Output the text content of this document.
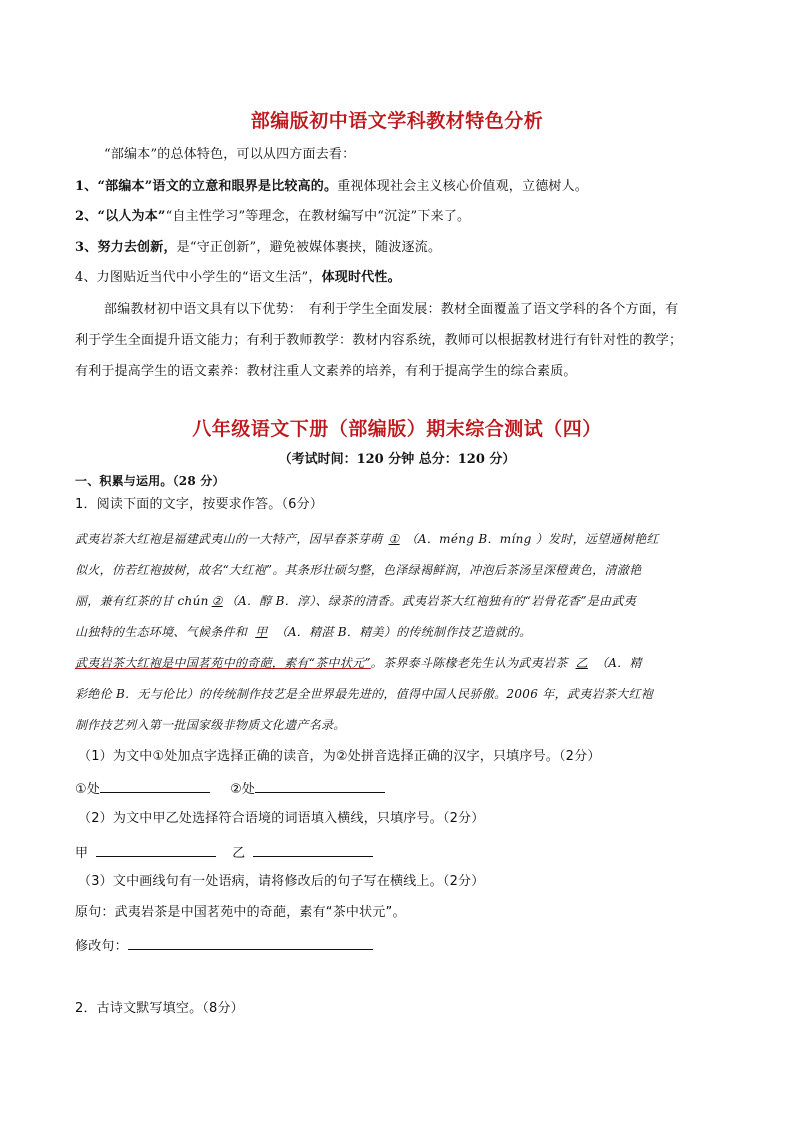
部编版初中语文学科教材特色分析
“部编本”的总体特色，可以从四方面去看：
1、“部编本”语文的立意和眼界是比较高的。重视体现社会主义核心价值观，立德树人。
2、“以人为本”“自主性学习”等理念，在教材编写中“沉淀”下来了。
3、努力去创新，是“守正创新”，避免被媒体裹挟，随波逐流。
4、力图贴近当代中小学生的“语文生活”，体现时代性。
部编教材初中语文具有以下优势：　有利于学生全面发展：教材全面覆盖了语文学科的各个方面，有
利于学生全面提升语文能力；有利于教师教学：教材内容系统，教师可以根据教材进行有针对性的教学；
有利于提高学生的语文素养：教材注重人文素养的培养，有利于提高学生的综合素质。
八年级语文下册（部编版）期末综合测试（四）
（考试时间：120 分钟 总分：120 分）
一、积累与运用。（28 分）
1．阅读下面的文字，按要求作答。（6分）
武夷岩茶大红袍是福建武夷山的一大特产，因早春茶芽萌 ① （A．méng B．míng ）发时，远望通树艳红
似火，仿若红袍披树，故名“大红袍”。其条形壮硕匀整，色泽绿褐鲜润，冲泡后茶汤呈深橙黄色，清澈艳
丽，兼有红茶的甘 chún ② （A．醇 B．淳）、绿茶的清香。武夷岩茶大红袍独有的“岩骨花香”是由武夷
山独特的生态环境、气候条件和 甲 （A．精湛 B．精美）的传统制作技艺造就的。
武夷岩茶大红袍是中国茗苑中的奇葩，素有“茶中状元”。茶界泰斗陈椽老先生认为武夷岩茶 乙 （A．精
彩绝伦 B．无与伦比）的传统制作技艺是全世界最先进的，值得中国人民骄傲。2006 年，武夷岩茶大红袍
制作技艺列入第一批国家级非物质文化遗产名录。
（1）为文中①处加点字选择正确的读音，为②处拼音选择正确的汉字，只填序号。（2分）
①处	②处
（2）为文中甲乙处选择符合语境的词语填入横线，只填序号。（2分）
甲	乙
（3）文中画线句有一处语病，请将修改后的句子写在横线上。（2分）
原句：武夷岩茶是中国茗苑中的奇葩，素有“茶中状元”。
修改句：
2．古诗文默写填空。（8分）
